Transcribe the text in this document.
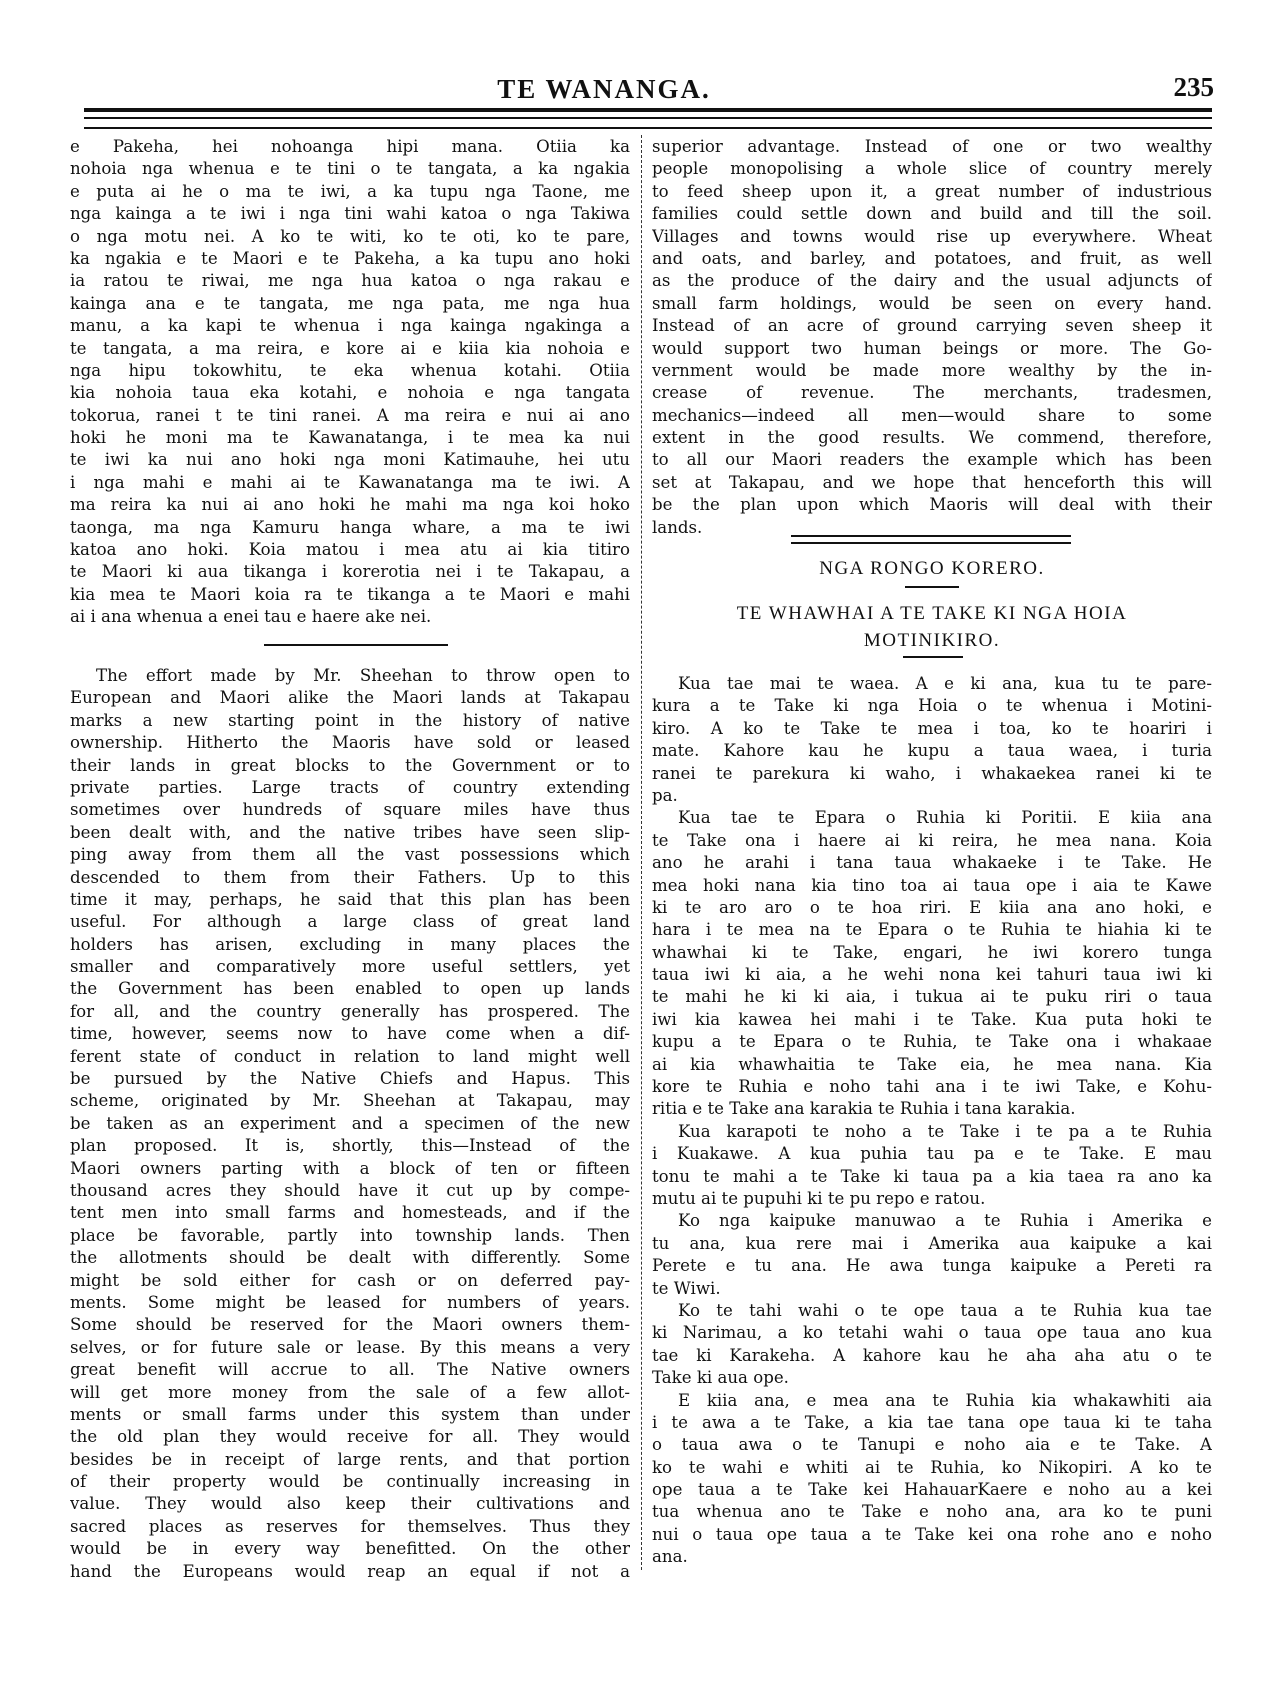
TE WANANGA.	235
e Pakeha, hei nohoanga hipi mana. Otiia ka
nohoia nga whenua e te tini o te tangata, a ka ngakia
e puta ai he o ma te iwi, a ka tupu nga Taone, me
nga kainga a te iwi i nga tini wahi katoa o nga Takiwa
o nga motu nei. A ko te witi, ko te oti, ko te pare,
ka ngakia e te Maori e te Pakeha, a ka tupu ano hoki
ia ratou te riwai, me nga hua katoa o nga rakau e
kainga ana e te tangata, me nga pata, me nga hua
manu, a ka kapi te whenua i nga kainga ngakinga a
te tangata, a ma reira, e kore ai e kiia kia nohoia e
nga hipu tokowhitu, te eka whenua kotahi. Otiia
kia nohoia taua eka kotahi, e nohoia e nga tangata
tokorua, ranei t te tini ranei. A ma reira e nui ai ano
hoki he moni ma te Kawanatanga, i te mea ka nui
te iwi ka nui ano hoki nga moni Katimauhe, hei utu
i nga mahi e mahi ai te Kawanatanga ma te iwi. A
ma reira ka nui ai ano hoki he mahi ma nga koi hoko
taonga, ma nga Kamuru hanga whare, a ma te iwi
katoa ano hoki. Koia matou i mea atu ai kia titiro
te Maori ki aua tikanga i korerotia nei i te Takapau, a
kia mea te Maori koia ra te tikanga a te Maori e mahi
ai i ana whenua a enei tau e haere ake nei.
The effort made by Mr. Sheehan to throw open to
European and Maori alike the Maori lands at Takapau
marks a new starting point in the history of native
ownership. Hitherto the Maoris have sold or leased
their lands in great blocks to the Government or to
private parties. Large tracts of country extending
sometimes over hundreds of square miles have thus
been dealt with, and the native tribes have seen slip-
ping away from them all the vast possessions which
descended to them from their Fathers. Up to this
time it may, perhaps, he said that this plan has been
useful. For although a large class of great land
holders has arisen, excluding in many places the
smaller and comparatively more useful settlers, yet
the Government has been enabled to open up lands
for all, and the country generally has prospered. The
time, however, seems now to have come when a dif-
ferent state of conduct in relation to land might well
be pursued by the Native Chiefs and Hapus. This
scheme, originated by Mr. Sheehan at Takapau, may
be taken as an experiment and a specimen of the new
plan proposed. It is, shortly, this—Instead of the
Maori owners parting with a block of ten or fifteen
thousand acres they should have it cut up by compe-
tent men into small farms and homesteads, and if the
place be favorable, partly into township lands. Then
the allotments should be dealt with differently. Some
might be sold either for cash or on deferred pay-
ments. Some might be leased for numbers of years.
Some should be reserved for the Maori owners them-
selves, or for future sale or lease. By this means a very
great benefit will accrue to all. The Native owners
will get more money from the sale of a few allot-
ments or small farms under this system than under
the old plan they would receive for all. They would
besides be in receipt of large rents, and that portion
of their property would be continually increasing in
value. They would also keep their cultivations and
sacred places as reserves for themselves. Thus they
would be in every way benefitted. On the other
hand the Europeans would reap an equal if not a
superior advantage. Instead of one or two wealthy
people monopolising a whole slice of country merely
to feed sheep upon it, a great number of industrious
families could settle down and build and till the soil.
Villages and towns would rise up everywhere. Wheat
and oats, and barley, and potatoes, and fruit, as well
as the produce of the dairy and the usual adjuncts of
small farm holdings, would be seen on every hand.
Instead of an acre of ground carrying seven sheep it
would support two human beings or more. The Go-
vernment would be made more wealthy by the in-
crease of revenue. The merchants, tradesmen,
mechanics—indeed all men—would share to some
extent in the good results. We commend, therefore,
to all our Maori readers the example which has been
set at Takapau, and we hope that henceforth this will
be the plan upon which Maoris will deal with their
lands.
NGA RONGO KORERO.
TE WHAWHAI A TE TAKE KI NGA HOIA
MOTINIKIRO.
Kua tae mai te waea. A e ki ana, kua tu te pare-
kura a te Take ki nga Hoia o te whenua i Motini-
kiro. A ko te Take te mea i toa, ko te hoariri i
mate. Kahore kau he kupu a taua waea, i turia
ranei te parekura ki waho, i whakaekea ranei ki te
pa.
Kua tae te Epara o Ruhia ki Poritii. E kiia ana
te Take ona i haere ai ki reira, he mea nana. Koia
ano he arahi i tana taua whakaeke i te Take. He
mea hoki nana kia tino toa ai taua ope i aia te Kawe
ki te aro aro o te hoa riri. E kiia ana ano hoki, e
hara i te mea na te Epara o te Ruhia te hiahia ki te
whawhai ki te Take, engari, he iwi korero tunga
taua iwi ki aia, a he wehi nona kei tahuri taua iwi ki
te mahi he ki ki aia, i tukua ai te puku riri o taua
iwi kia kawea hei mahi i te Take. Kua puta hoki te
kupu a te Epara o te Ruhia, te Take ona i whakaae
ai kia whawhaitia te Take eia, he mea nana. Kia
kore te Ruhia e noho tahi ana i te iwi Take, e Kohu-
ritia e te Take ana karakia te Ruhia i tana karakia.
Kua karapoti te noho a te Take i te pa a te Ruhia
i Kuakawe. A kua puhia tau pa e te Take. E mau
tonu te mahi a te Take ki taua pa a kia taea ra ano ka
mutu ai te pupuhi ki te pu repo e ratou.
Ko nga kaipuke manuwao a te Ruhia i Amerika e
tu ana, kua rere mai i Amerika aua kaipuke a kai
Perete e tu ana. He awa tunga kaipuke a Pereti ra
te Wiwi.
Ko te tahi wahi o te ope taua a te Ruhia kua tae
ki Narimau, a ko tetahi wahi o taua ope taua ano kua
tae ki Karakeha. A kahore kau he aha aha atu o te
Take ki aua ope.
E kiia ana, e mea ana te Ruhia kia whakawhiti aia
i te awa a te Take, a kia tae tana ope taua ki te taha
o taua awa o te Tanupi e noho aia e te Take. A
ko te wahi e whiti ai te Ruhia, ko Nikopiri. A ko te
ope taua a te Take kei HahauarKaere e noho au a kei
tua whenua ano te Take e noho ana, ara ko te puni
nui o taua ope taua a te Take kei ona rohe ano e noho
ana.
